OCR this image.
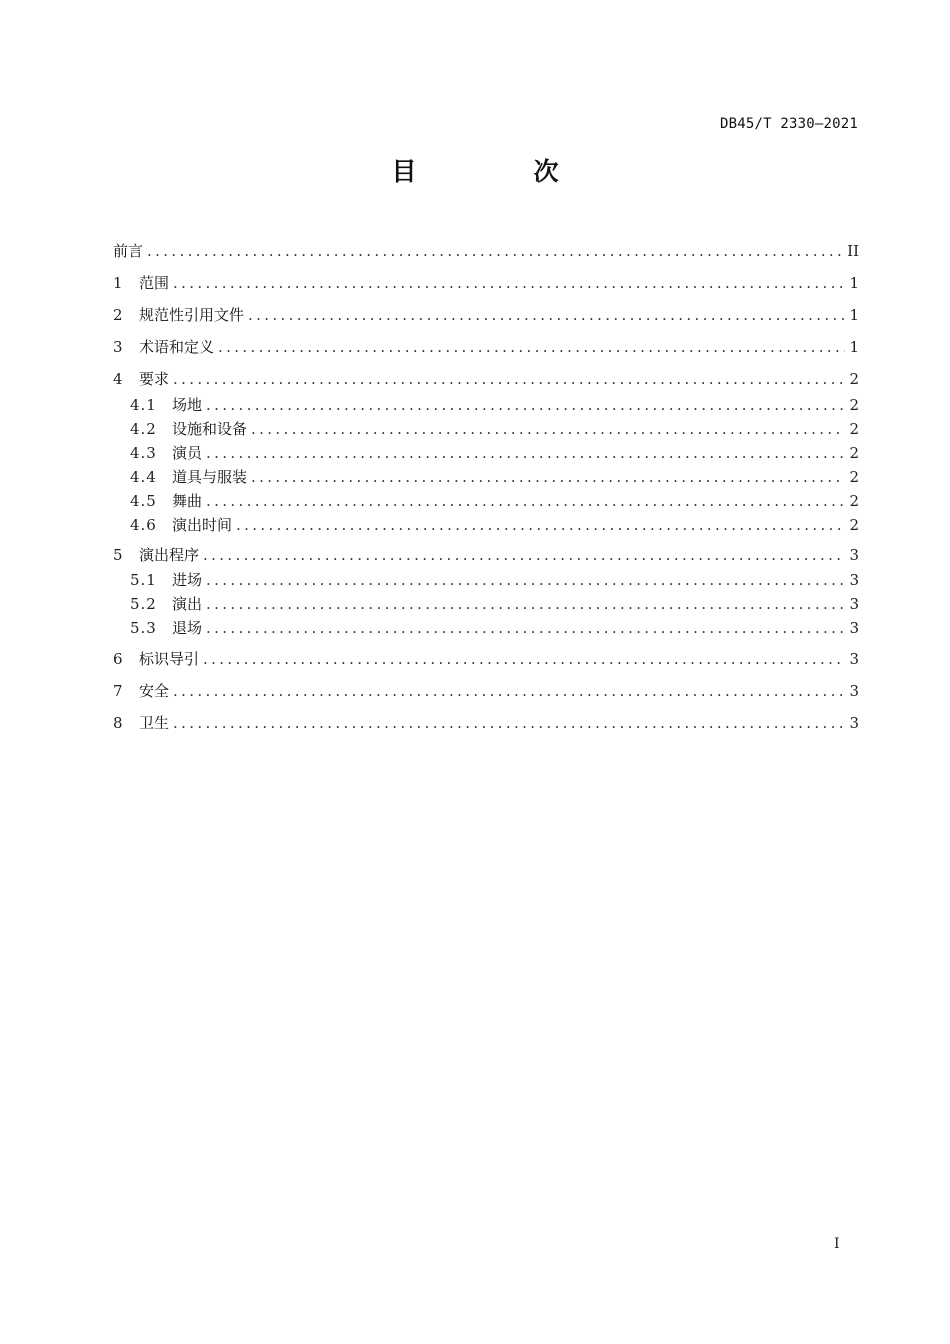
DB45/T 2330—2021
目　次
前言 .....	II
1	范围 .....	1
2	规范性引用文件 .....	1
3	术语和定义 .....	1
4	要求 .....	2
4.1	场地 .....	2
4.2	设施和设备 .....	2
4.3	演员 .....	2
4.4	道具与服装 .....	2
4.5	舞曲 .....	2
4.6	演出时间 .....	2
5	演出程序 .....	3
5.1	进场 .....	3
5.2	演出 .....	3
5.3	退场 .....	3
6	标识导引 .....	3
7	安全 .....	3
8	卫生 .....	3
I
